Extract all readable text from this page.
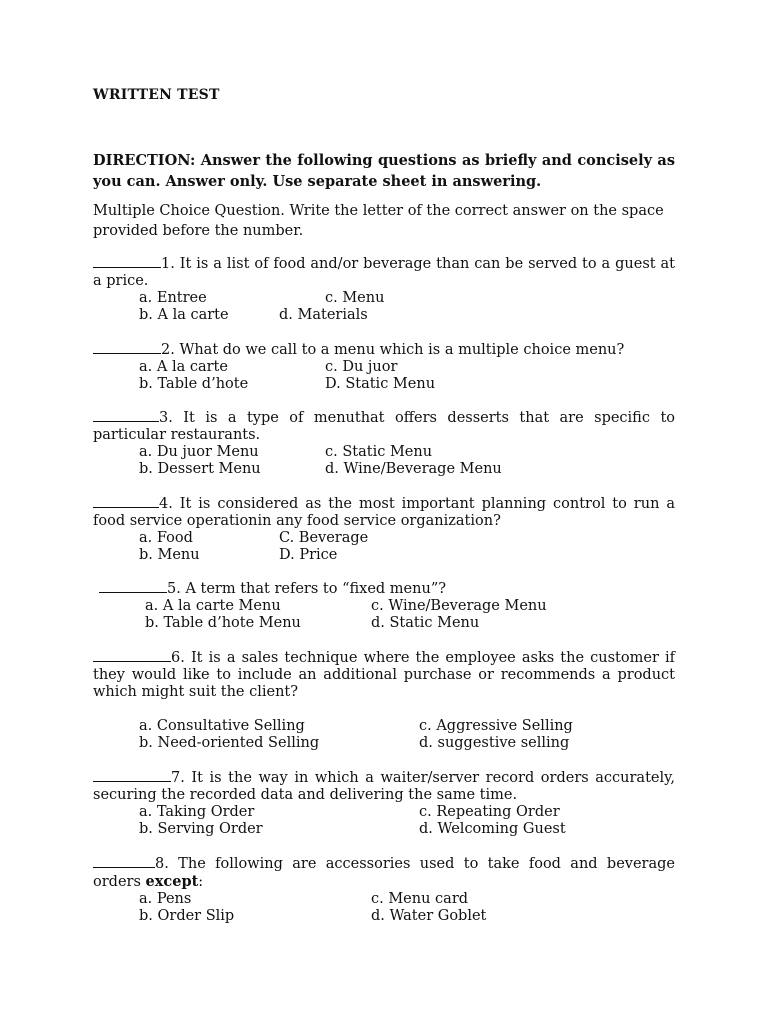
WRITTEN TEST
DIRECTION: Answer the following questions as briefly and concisely as you can. Answer only. Use separate sheet in answering.
Multiple Choice Question. Write the letter of the correct answer on the space provided before the number.
1. It is a list of food and/or beverage than can be served to a guest at a price.
a. Entree	c. Menu
b. A la carte	d. Materials
2. What do we call to a menu which is a multiple choice menu?
a. A la carte	c. Du juor
b. Table d’hote	D. Static Menu
3. It is a type of menuthat offers desserts that are specific to particular restaurants.
a. Du juor Menu	c. Static Menu
b. Dessert Menu	d. Wine/Beverage Menu
4. It is considered as the most important planning control to run a food service operationin any food service organization?
a. Food	C. Beverage
b. Menu	D. Price
5. A term that refers to “fixed menu”?
a. A la carte Menu	c. Wine/Beverage Menu
b. Table d’hote Menu	d. Static Menu
6. It is a sales technique where the employee asks the customer if they would like to include an additional purchase or recommends a product which might suit the client?
a. Consultative Selling	c. Aggressive Selling
b. Need-oriented Selling	d. suggestive selling
7. It is the way in which a waiter/server record orders accurately, securing the recorded data and delivering the same time.
a. Taking Order	c. Repeating Order
b. Serving Order	d. Welcoming Guest
8. The following are accessories used to take food and beverage orders except:
a. Pens	c. Menu card
b. Order Slip	d. Water Goblet
